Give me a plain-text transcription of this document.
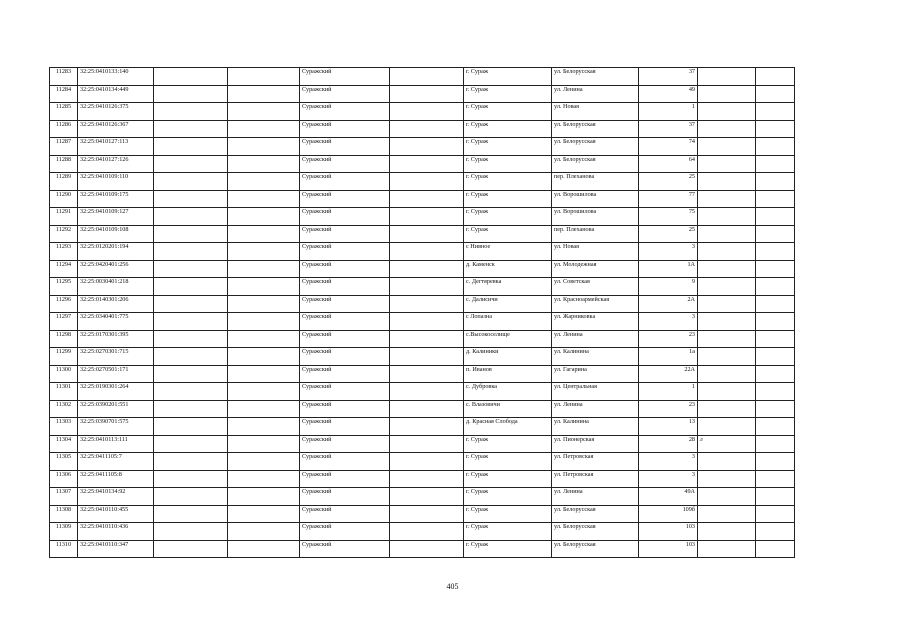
11283	32:25:0410133:140			Суражский		г. Сураж	ул. Белорусская	37		
11284	32:25:0410134:449			Суражский		г. Сураж	ул. Ленина	49		
11285	32:25:0410126:375			Суражский		г. Сураж	ул. Новая	1		
11286	32:25:0410126:367			Суражский		г. Сураж	ул. Белорусская	37		
11287	32:25:0410127:113			Суражский		г. Сураж	ул. Белорусская	74		
11288	32:25:0410127:126			Суражский		г. Сураж	ул. Белорусская	64		
11289	32:25:0410109:110			Суражский		г. Сураж	пер. Плеханова	25		
11290	32:25:0410109:175			Суражский		г. Сураж	ул. Ворошилова	77		
11291	32:25:0410109:127			Суражский		г. Сураж	ул. Ворошилова	75		
11292	32:25:0410109:108			Суражский		г. Сураж	пер. Плеханова	25		
11293	32:25:0120201:194			Суражский		с Нивное	ул. Новая	3		
11294	32:25:0420401:256			Суражский		д. Каменск	ул. Молодежная	1А		
11295	32:25:0030401:218			Суражский		с. Дегтяревка	ул. Советская	9		
11296	32:25:0140301:206			Суражский		с. Далисичи	ул. Красноармейская	2А		
11297	32:25:0340401:775			Суражский		с Лопазна	ул. Жарниковка	3		
11298	32:25:0170301:395			Суражский		с.Высокоселище	ул. Ленина	23		
11299	32:25:0270301:715			Суражский		д. Калиники	ул. Калинина	1а		
11300	32:25:0270501:171			Суражский		п. Иванов	ул. Гагарина	22А		
11301	32:25:0190301:264			Суражский		с. Дубровка	ул. Центральная	1		
11302	32:25:0390201:551			Суражский		с. Влазовичи	ул. Ленина	23		
11303	32:25:0390701:575			Суражский		д. Красная Слобода	ул. Калинина	13		
11304	32:25:0410113:111			Суражский		г. Сураж	ул. Пионерская	28	л	
11305	32:25:0411105:7			Суражский		г. Сураж	ул. Петровская	3		
11306	32:25:0411105:8			Суражский		г. Сураж	ул. Петровская	3		
11307	32:25:0410134:92			Суражский		г. Сураж	ул. Ленина	49А		
11308	32:25:0410110:455			Суражский		г. Сураж	ул. Белорусская	109б		
11309	32:25:0410110:436			Суражский		г. Сураж	ул. Белорусская	103		
11310	32:25:0410110:347			Суражский		г. Сураж	ул. Белорусская	103		
405
